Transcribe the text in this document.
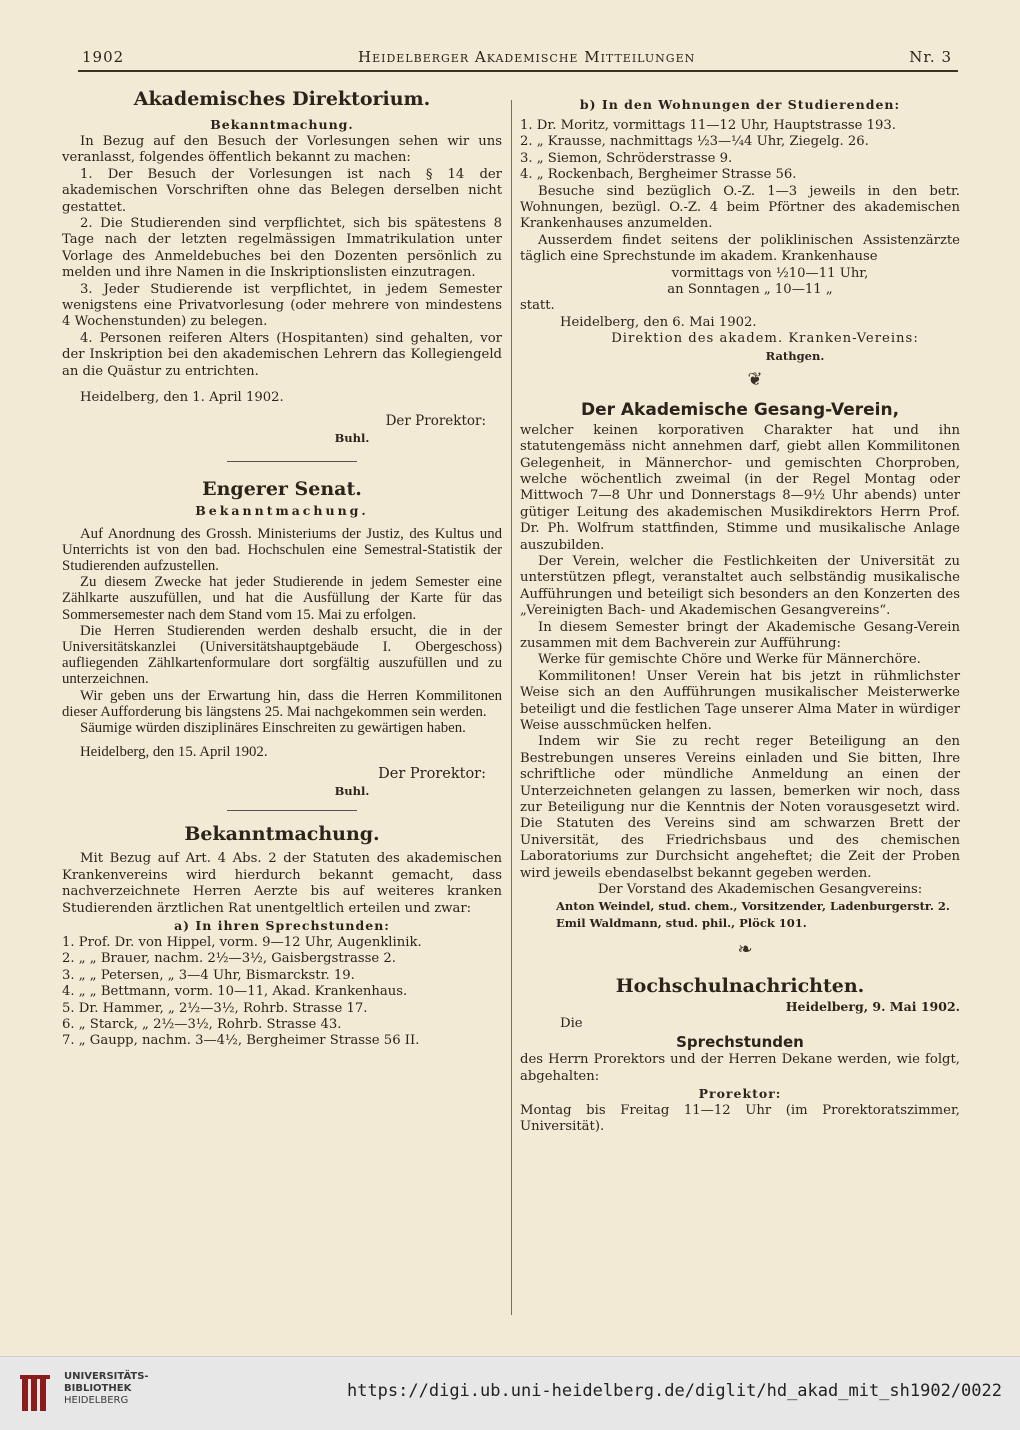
1902	Heidelberger Akademische Mitteilungen	Nr. 3
Akademisches Direktorium.
Bekanntmachung.

In Bezug auf den Besuch der Vorlesungen sehen wir uns veranlasst, folgendes öffentlich bekannt zu machen:

1. Der Besuch der Vorlesungen ist nach § 14 der akademischen Vorschriften ohne das Belegen derselben nicht gestattet.

2. Die Studierenden sind verpflichtet, sich bis spätestens 8 Tage nach der letzten regelmässigen Immatrikulation unter Vorlage des Anmeldebuches bei den Dozenten persönlich zu melden und ihre Namen in die Inskriptionslisten einzutragen.

3. Jeder Studierende ist verpflichtet, in jedem Semester wenigstens eine Privatvorlesung (oder mehrere von mindestens 4 Wochenstunden) zu belegen.

4. Personen reiferen Alters (Hospitanten) sind gehalten, vor der Inskription bei den akademischen Lehrern das Kollegiengeld an die Quästur zu entrichten.

Heidelberg, den 1. April 1902.

Der Prorektor:
Buhl.
Engerer Senat.
Bekanntmachung.

Auf Anordnung des Grossh. Ministeriums der Justiz, des Kultus und Unterrichts ist von den bad. Hochschulen eine Semestral-Statistik der Studierenden aufzustellen.

Zu diesem Zwecke hat jeder Studierende in jedem Semester eine Zählkarte auszufüllen, und hat die Ausfüllung der Karte für das Sommersemester nach dem Stand vom 15. Mai zu erfolgen.

Die Herren Studierenden werden deshalb ersucht, die in der Universitätskanzlei (Universitätshauptgebäude I. Obergeschoss) aufliegenden Zählkartenformulare dort sorgfältig auszufüllen und zu unterzeichnen.

Wir geben uns der Erwartung hin, dass die Herren Kommilitonen dieser Aufforderung bis längstens 25. Mai nachgekommen sein werden.

Säumige würden disziplinäres Einschreiten zu gewärtigen haben.

Heidelberg, den 15. April 1902.

Der Prorektor:
Buhl.
Bekanntmachung.

Mit Bezug auf Art. 4 Abs. 2 der Statuten des akademischen Krankenvereins wird hierdurch bekannt gemacht, dass nachverzeichnete Herren Aerzte bis auf weiteres kranken Studierenden ärztlichen Rat unentgeltlich erteilen und zwar:

a) In ihren Sprechstunden:

1. Prof. Dr. von Hippel, vorm. 9—12 Uhr, Augenklinik.

2. „ „ Brauer, nachm. 2½—3½, Gaisbergstrasse 2.

3. „ „ Petersen, „ 3—4 Uhr, Bismarckstr. 19.

4. „ „ Bettmann, vorm. 10—11, Akad. Krankenhaus.

5. Dr. Hammer, „ 2½—3½, Rohrb. Strasse 17.

6. „ Starck, „ 2½—3½, Rohrb. Strasse 43.

7. „ Gaupp, nachm. 3—4½, Bergheimer Strasse 56 II.

b) In den Wohnungen der Studierenden:

1. Dr. Moritz, vormittags 11—12 Uhr, Hauptstrasse 193.

2. „ Krausse, nachmittags ½3—¼4 Uhr, Ziegelg. 26.

3. „ Siemon, Schröderstrasse 9.

4. „ Rockenbach, Bergheimer Strasse 56.

Besuche sind bezüglich O.-Z. 1—3 jeweils in den betr. Wohnungen, bezügl. O.-Z. 4 beim Pförtner des akademischen Krankenhauses anzumelden.

Ausserdem findet seitens der poliklinischen Assistenzärzte täglich eine Sprechstunde im akadem. Krankenhause

vormittags von ½10—11 Uhr,

an Sonntagen „ 10—11 „

statt.

Heidelberg, den 6. Mai 1902.

Direktion des akadem. Kranken-Vereins:

Rathgen.
❦
Der Akademische Gesang-Verein,

welcher keinen korporativen Charakter hat und ihn statutengemäss nicht annehmen darf, giebt allen Kommilitonen Gelegenheit, in Männerchor- und gemischten Chorproben, welche wöchentlich zweimal (in der Regel Montag oder Mittwoch 7—8 Uhr und Donnerstags 8—9½ Uhr abends) unter gütiger Leitung des akademischen Musikdirektors Herrn Prof. Dr. Ph. Wolfrum stattfinden, Stimme und musikalische Anlage auszubilden.

Der Verein, welcher die Festlichkeiten der Universität zu unterstützen pflegt, veranstaltet auch selbständig musikalische Aufführungen und beteiligt sich besonders an den Konzerten des „Vereinigten Bach- und Akademischen Gesangvereins“.

In diesem Semester bringt der Akademische Gesang-Verein zusammen mit dem Bachverein zur Aufführung:

Werke für gemischte Chöre und Werke für Männerchöre.

Kommilitonen! Unser Verein hat bis jetzt in rühmlichster Weise sich an den Aufführungen musikalischer Meisterwerke beteiligt und die festlichen Tage unserer Alma Mater in würdiger Weise ausschmücken helfen.

Indem wir Sie zu recht reger Beteiligung an den Bestrebungen unseres Vereins einladen und Sie bitten, Ihre schriftliche oder mündliche Anmeldung an einen der Unterzeichneten gelangen zu lassen, bemerken wir noch, dass zur Beteiligung nur die Kenntnis der Noten vorausgesetzt wird. Die Statuten des Vereins sind am schwarzen Brett der Universität, des Friedrichsbaus und des chemischen Laboratoriums zur Durchsicht angeheftet; die Zeit der Proben wird jeweils ebendaselbst bekannt gegeben werden.

Der Vorstand des Akademischen Gesangvereins:

Anton Weindel, stud. chem., Vorsitzender, Ladenburgerstr. 2.

Emil Waldmann, stud. phil., Plöck 101.

❧
Hochschulnachrichten.

Heidelberg, 9. Mai 1902.

Die

Sprechstunden

des Herrn Prorektors und der Herren Dekane werden, wie folgt, abgehalten:

Prorektor:

Montag bis Freitag 11—12 Uhr (im Prorektoratszimmer, Universität).

UNIVERSITÄTS-
BIBLIOTHEK
HEIDELBERG	https://digi.ub.uni-heidelberg.de/diglit/hd_akad_mit_sh1902/0022
